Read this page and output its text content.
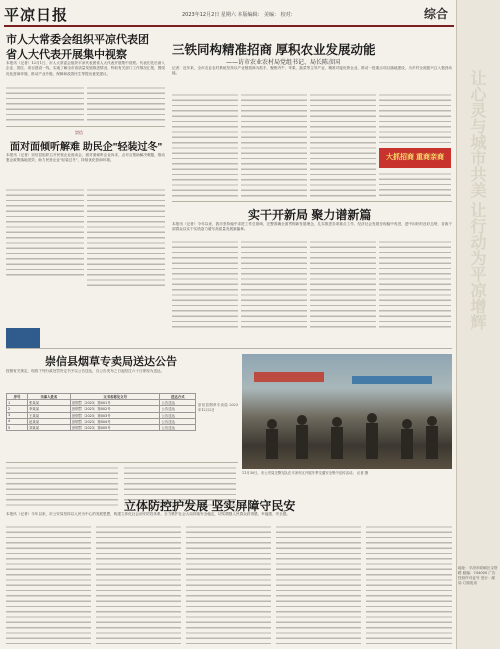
平凉日报	2023年12月2日 星期六 本版编辑： 美编： 校对：	综合
让心灵与城市共美 让行动为平凉增辉
地址：平凉市崆峒区宝塔路 邮编：744000 广告经营许可证号 发行：邮局 订阅电话
市人大常委会组织平凉代表团
省人大代表开展集中视察
本报讯（记者）12月1日，市人大常委会组织平凉代表团省人大代表开展集中视察。代表们先后深入企业、园区、项目建设一线，实地了解全市高质量发展推进情况，听取有关部门工作情况汇报，围绕优化营商环境、推动产业升级、保障和改善民生等提出意见建议。
崇信
面对面倾听解难 助民企"轻装过冬"
本报讯（记者）崇信县组织召开民营企业座谈会，面对面倾听企业诉求，点对点帮助解决难题，推动惠企政策落地见效，助力民营企业"轻装过冬"，持续优化营商环境。
三铁同构精准招商 厚积农业发展动能
——访市农业农村局党组书记、局长陈彦国
记者：近年来，全市农业农村系统坚持以产业链招商为抓手，聚焦肉牛、苹果、蔬菜等主导产业，精准对接优势企业，推动一批重点项目落地建设，为乡村全面振兴注入强劲动能。
大抓招商 重商亲商
实干开新局 聚力谱新篇
本报讯（记者）今年以来，我市坚持稳中求进工作总基调，完整准确全面贯彻新发展理念，扎实推进各项重点工作，经济社会发展呈现稳中有进、进中向好的良好态势，各族干部群众以实干实绩奋力谱写高质量发展新篇章。
崇信县烟草专卖局送达公告
按照有关规定，现将下列行政处罚决定书予以公告送达，自公告发布之日起经过六十日即视为送达。
序号	当事人姓名	文书名称及文号	送达方式
1	张某某	崇烟罚〔2023〕第001号	公告送达
2	李某某	崇烟罚〔2023〕第002号	公告送达
3	王某某	崇烟罚〔2023〕第003号	公告送达
4	赵某某	崇烟罚〔2023〕第004号	公告送达
5	刘某某	崇烟罚〔2023〕第005号	公告送达
崇信县烟草专卖局 2023年12月2日
11月30日，市公安局交警支队在平凉市区开展冬季交通安全集中宣传活动。 记者 摄
立体防控护发展 坚实屏障守民安
本报讯（记者）今年以来，市公安局坚持以人民为中心的发展思想，构建立体化社会治安防控体系，全力维护社会大局持续安全稳定，切实增强人民群众获得感、幸福感、安全感。
